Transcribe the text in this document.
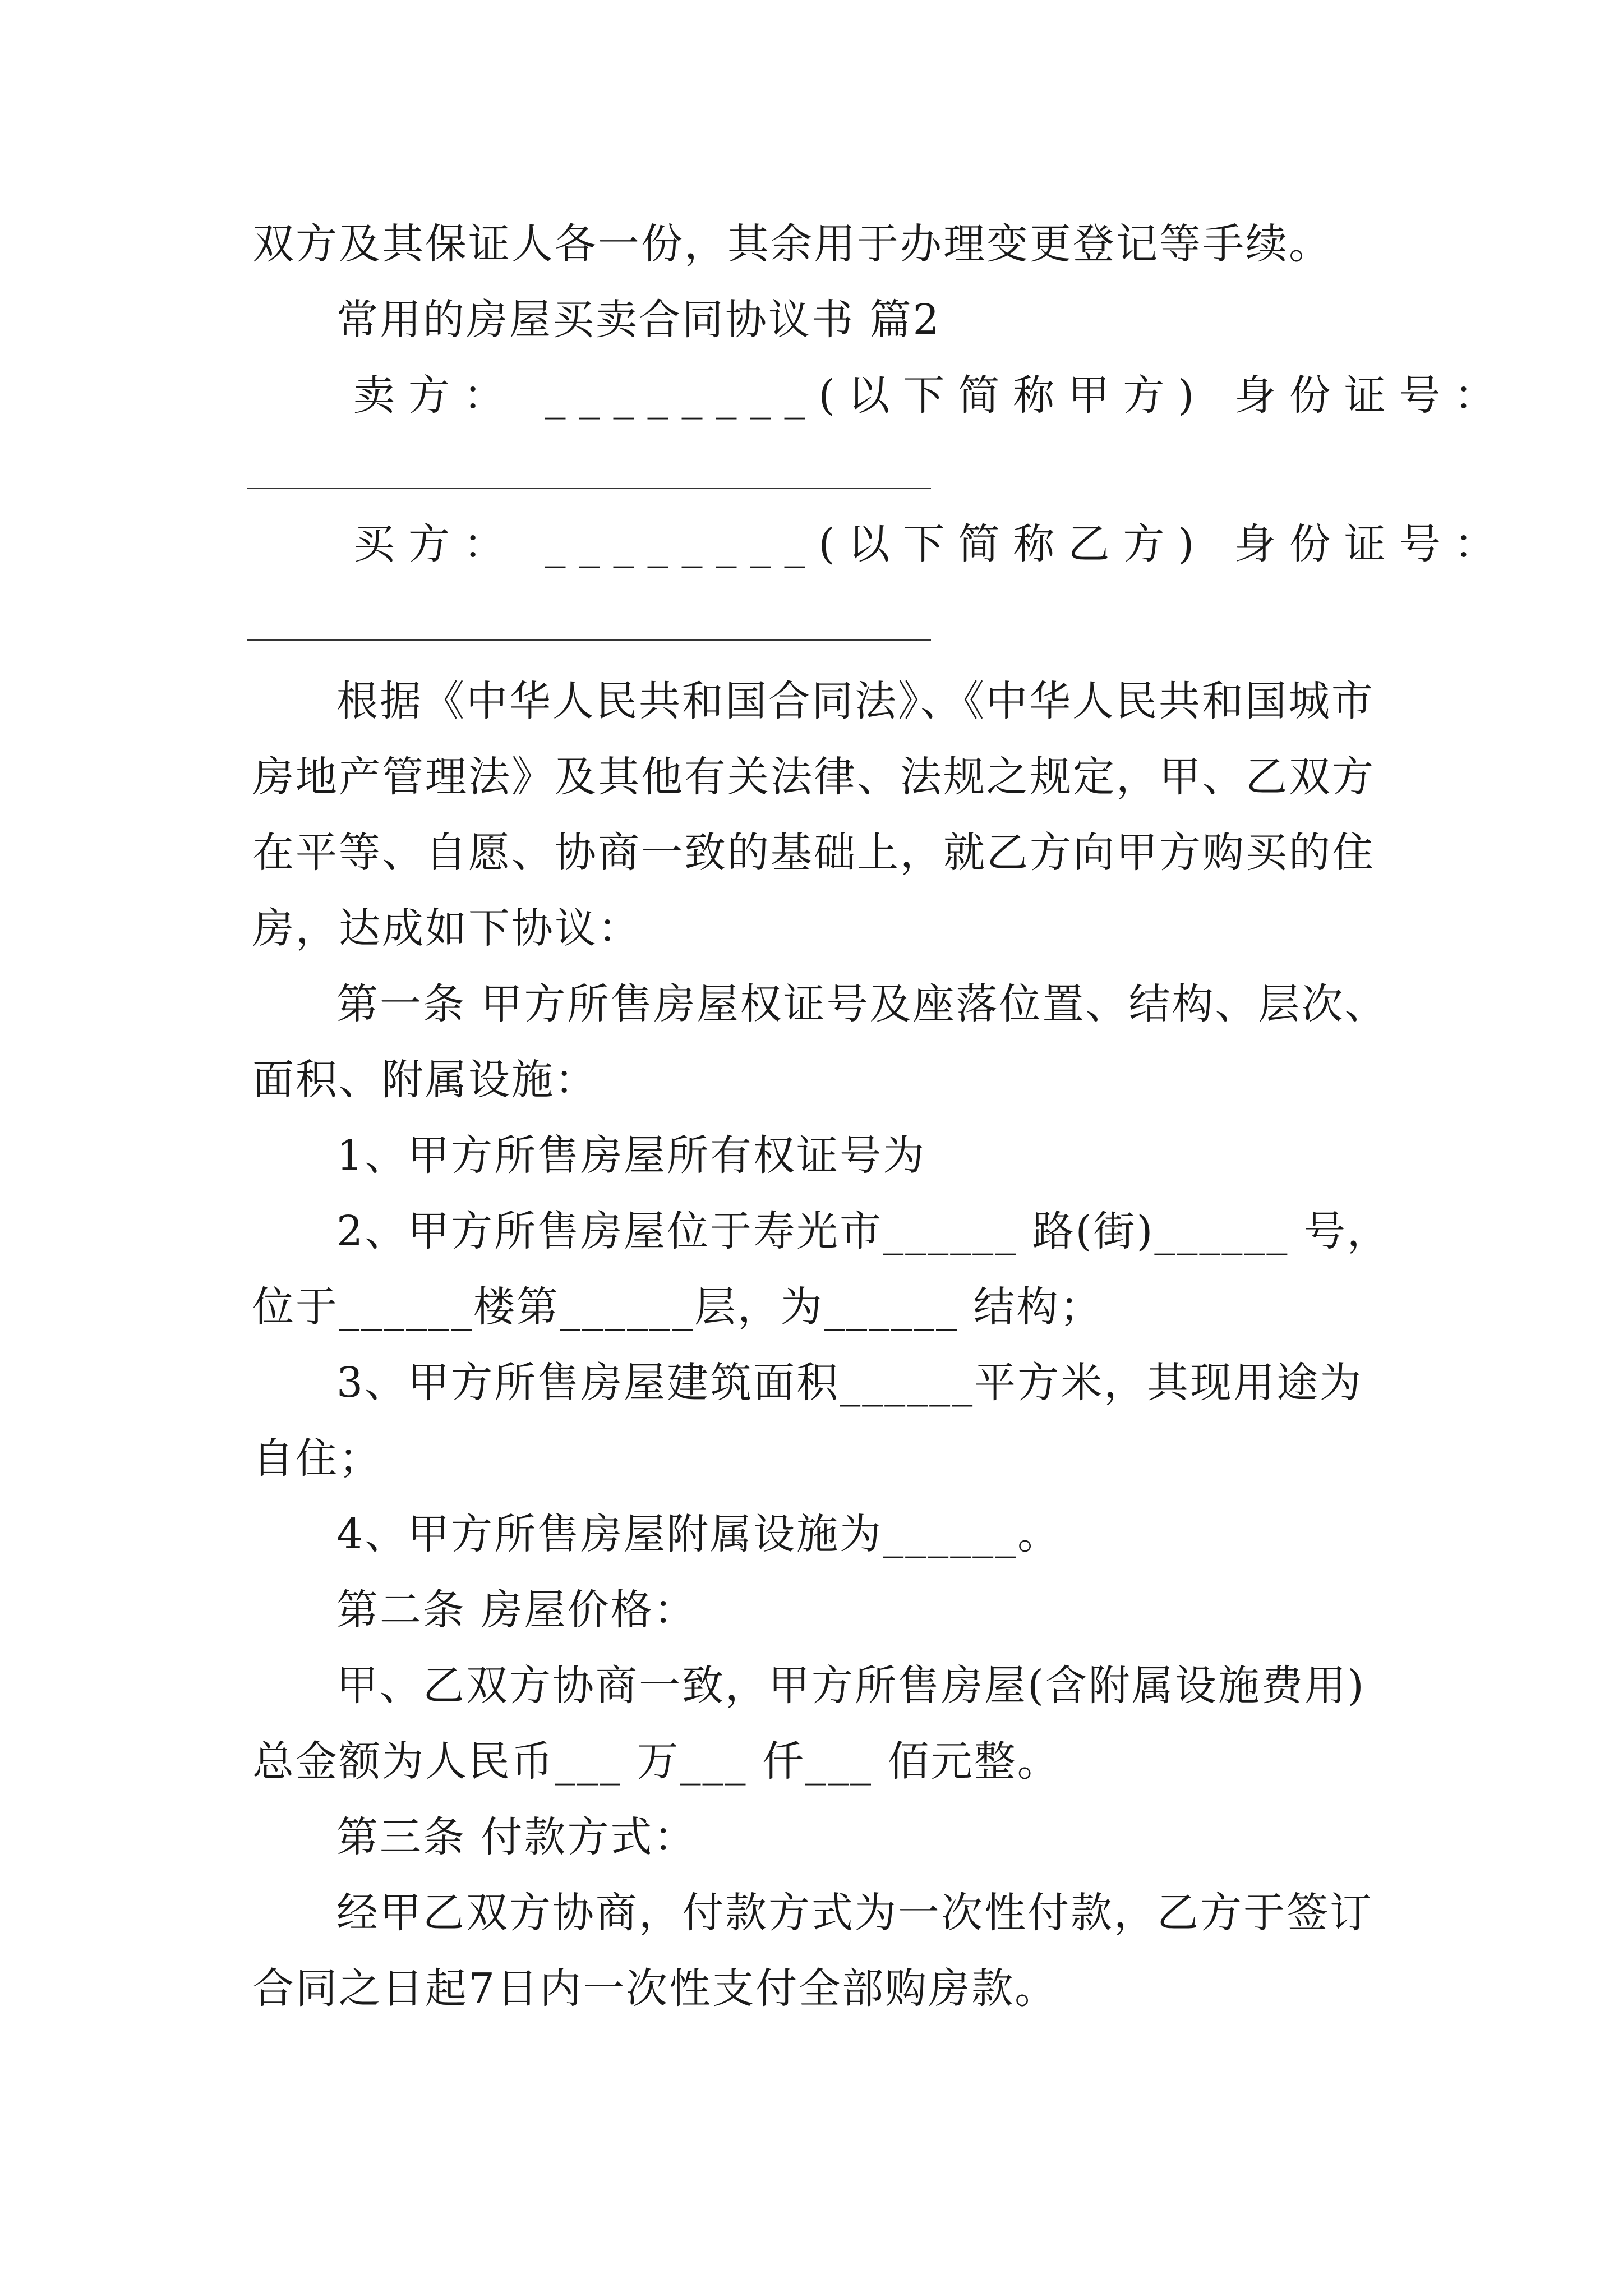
双方及其保证人各一份，其余用于办理变更登记等手续。
常用的房屋买卖合同协议书 篇2
卖方： ________(以下简称甲方) 身份证号：
买方： ________(以下简称乙方) 身份证号：
根据《中华人民共和国合同法》、《中华人民共和国城市
房地产管理法》及其他有关法律、法规之规定，甲、乙双方
在平等、自愿、协商一致的基础上，就乙方向甲方购买的住
房，达成如下协议：
第一条 甲方所售房屋权证号及座落位置、结构、层次、
面积、附属设施：
1、甲方所售房屋所有权证号为
2、甲方所售房屋位于寿光市______ 路(街)______ 号，
位于______楼第______层，为______ 结构；
3、甲方所售房屋建筑面积______平方米，其现用途为
自住；
4、甲方所售房屋附属设施为______。
第二条 房屋价格：
甲、乙双方协商一致，甲方所售房屋(含附属设施费用)
总金额为人民币___ 万___ 仟___ 佰元整。
第三条 付款方式：
经甲乙双方协商，付款方式为一次性付款，乙方于签订
合同之日起7日内一次性支付全部购房款。
